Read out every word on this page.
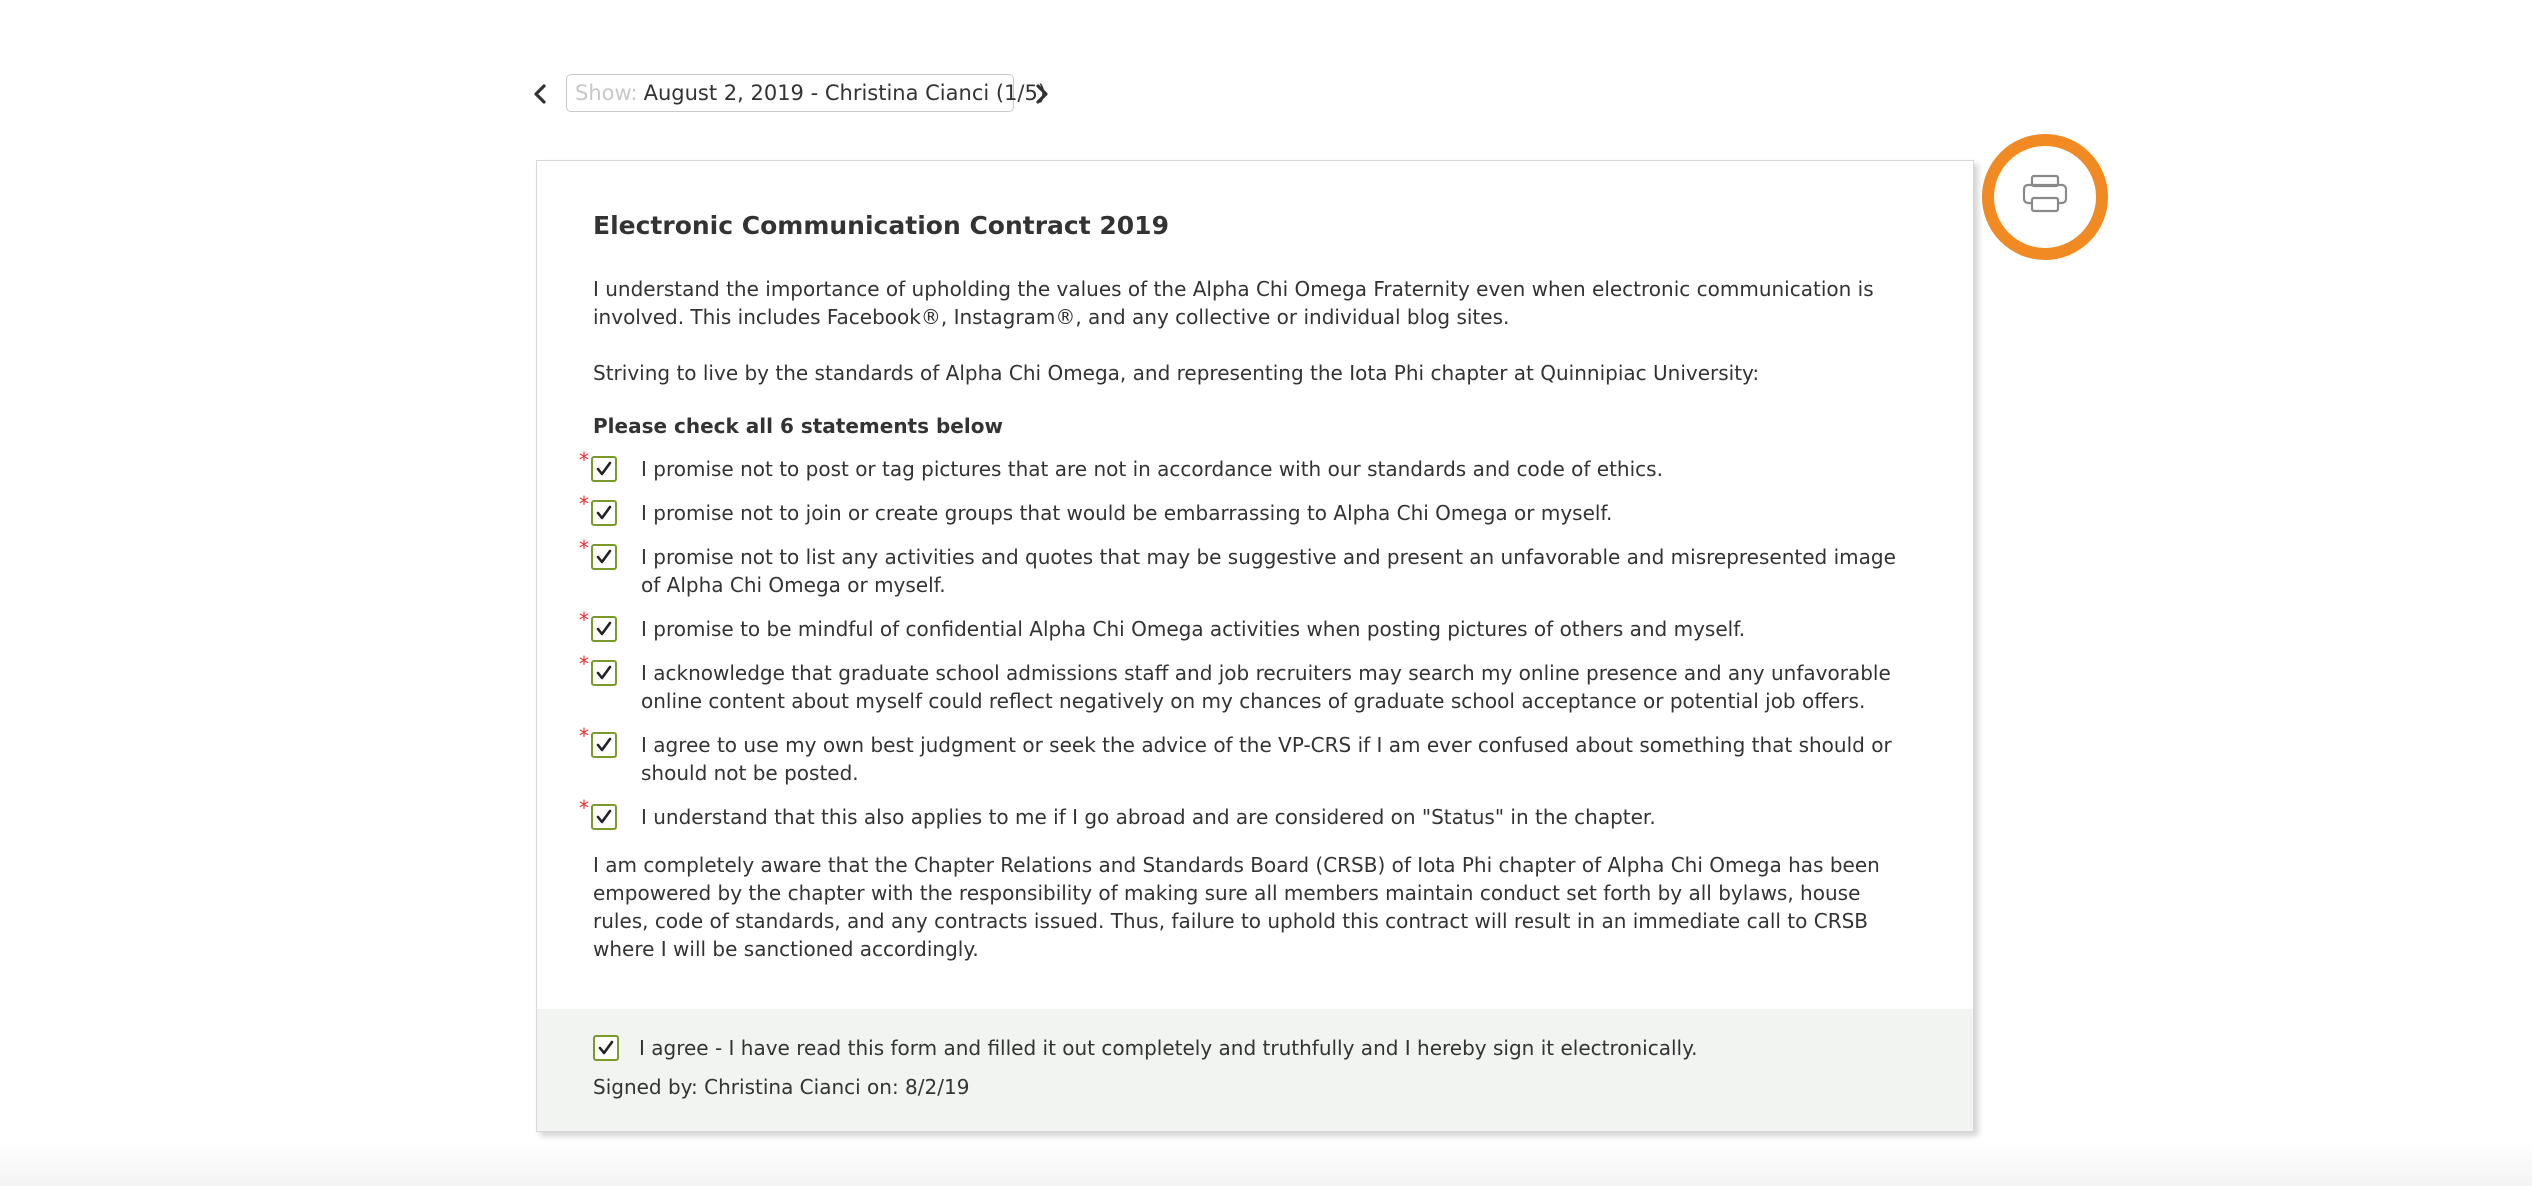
Show: August 2, 2019 - Christina Cianci (1/5)
Electronic Communication Contract 2019
I understand the importance of upholding the values of the Alpha Chi Omega Fraternity even when electronic communication is involved. This includes Facebook®, Instagram®, and any collective or individual blog sites.
Striving to live by the standards of Alpha Chi Omega, and representing the Iota Phi chapter at Quinnipiac University:
Please check all 6 statements below
*	I promise not to post or tag pictures that are not in accordance with our standards and code of ethics.
*	I promise not to join or create groups that would be embarrassing to Alpha Chi Omega or myself.
*	I promise not to list any activities and quotes that may be suggestive and present an unfavorable and misrepresented image of Alpha Chi Omega or myself.
*	I promise to be mindful of confidential Alpha Chi Omega activities when posting pictures of others and myself.
*	I acknowledge that graduate school admissions staff and job recruiters may search my online presence and any unfavorable online content about myself could reflect negatively on my chances of graduate school acceptance or potential job offers.
*	I agree to use my own best judgment or seek the advice of the VP-CRS if I am ever confused about something that should or should not be posted.
*	I understand that this also applies to me if I go abroad and are considered on "Status" in the chapter.
I am completely aware that the Chapter Relations and Standards Board (CRSB) of Iota Phi chapter of Alpha Chi Omega has been empowered by the chapter with the responsibility of making sure all members maintain conduct set forth by all bylaws, house rules, code of standards, and any contracts issued. Thus, failure to uphold this contract will result in an immediate call to CRSB where I will be sanctioned accordingly.
I agree - I have read this form and filled it out completely and truthfully and I hereby sign it electronically.
Signed by: Christina Cianci on: 8/2/19
